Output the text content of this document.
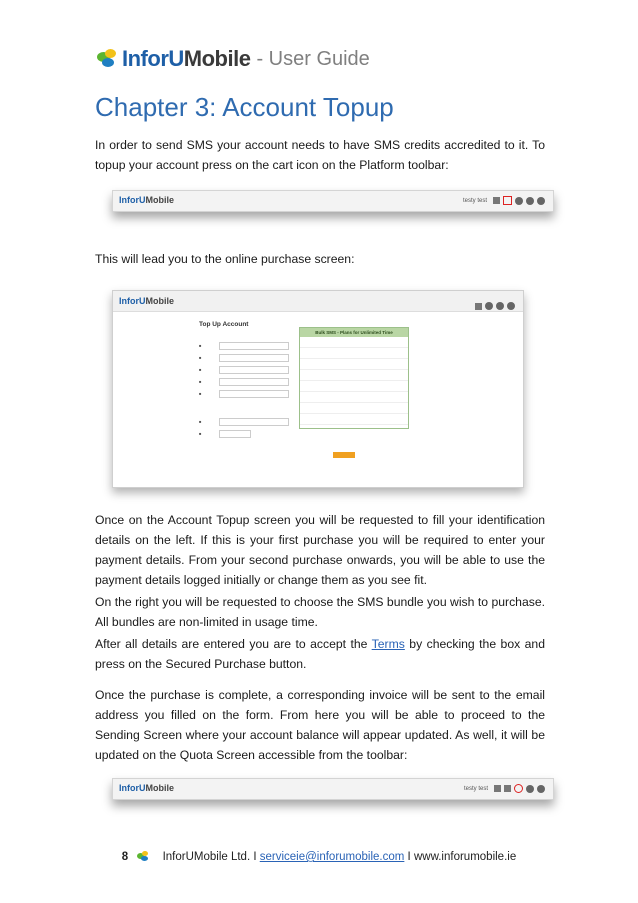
InforU Mobile - User Guide
Chapter 3: Account Topup

In order to send SMS your account needs to have SMS credits accredited to it. To topup your account press on the cart icon on the Platform toolbar:

InforUMobile	testy test

This will lead you to the online purchase screen:

InforUMobile
Top Up Account
■
■
■
■
■
■
■
Bulk SMS - Plans for Unlimited Time

Once on the Account Topup screen you will be requested to fill your identification details on the left. If this is your first purchase you will be required to enter your payment details. From your second purchase onwards, you will be able to use the payment details logged initially or change them as you see fit.

On the right you will be requested to choose the SMS bundle you wish to purchase. All bundles are non-limited in usage time.

After all details are entered you are to accept the Terms by checking the box and press on the Secured Purchase button.

Once the purchase is complete, a corresponding invoice will be sent to the email address you filled on the form. From here you will be able to proceed to the Sending Screen where your account balance will appear updated. As well, it will be updated on the Quota Screen accessible from the toolbar:

InforUMobile	testy test
8	InforUMobile Ltd. I serviceie@inforumobile.com I www.inforumobile.ie
